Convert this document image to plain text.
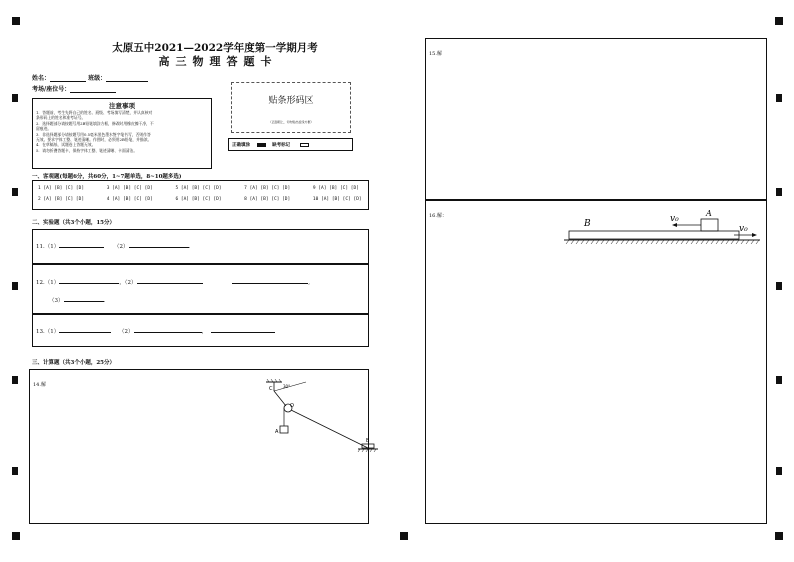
太原五中2021—2022学年度第一学期月考
高三物理答题卡
姓名：	班级：
考场/座位号：
注意事项

1．答题前，考生先将自己的姓名、班级、考场填写清楚，并认真核对

条形码上的姓名和准考证号。

2．选择题部分请按题号用2B铅笔填涂方框，修改时用橡皮擦干净，不

留痕迹。

3．非选择题部分请按题号用0.5毫米黑色墨水签字笔书写，否则作答

无效。要求字体工整、笔迹清晰。作图时，必须用2B铅笔，并描浓。

4．在草稿纸、试题卷上答题无效。

5．请勿折叠答题卡，保持字体工整、笔迹清晰、卡面清洁。

贴条形码区
（正面朝上，切勿贴出虚线方框）
正确填涂	缺考标记
一、客观题(每题6分，共60分，1~7题单选，8~10题多选)
1 [A] [B] [C] [D]	3 [A] [B] [C] [D]	5 [A] [B] [C] [D]	7 [A] [B] [C] [D]	9 [A] [B] [C] [D]
2 [A] [B] [C] [D]	4 [A] [B] [C] [D]	6 [A] [B] [C] [D]	8 [A] [B] [C] [D]	10 [A] [B] [C] [D]
二、实验题（共3个小题，15分）
11.（1）	（2）	.
12.（1）	，（2）	,
（3）	.
13.（1）	（2）	，
三、计算题（共3个小题，25分）
14.解	30°
C
O
A
B
15.解
16.解：
B
A
v₀
v₀
